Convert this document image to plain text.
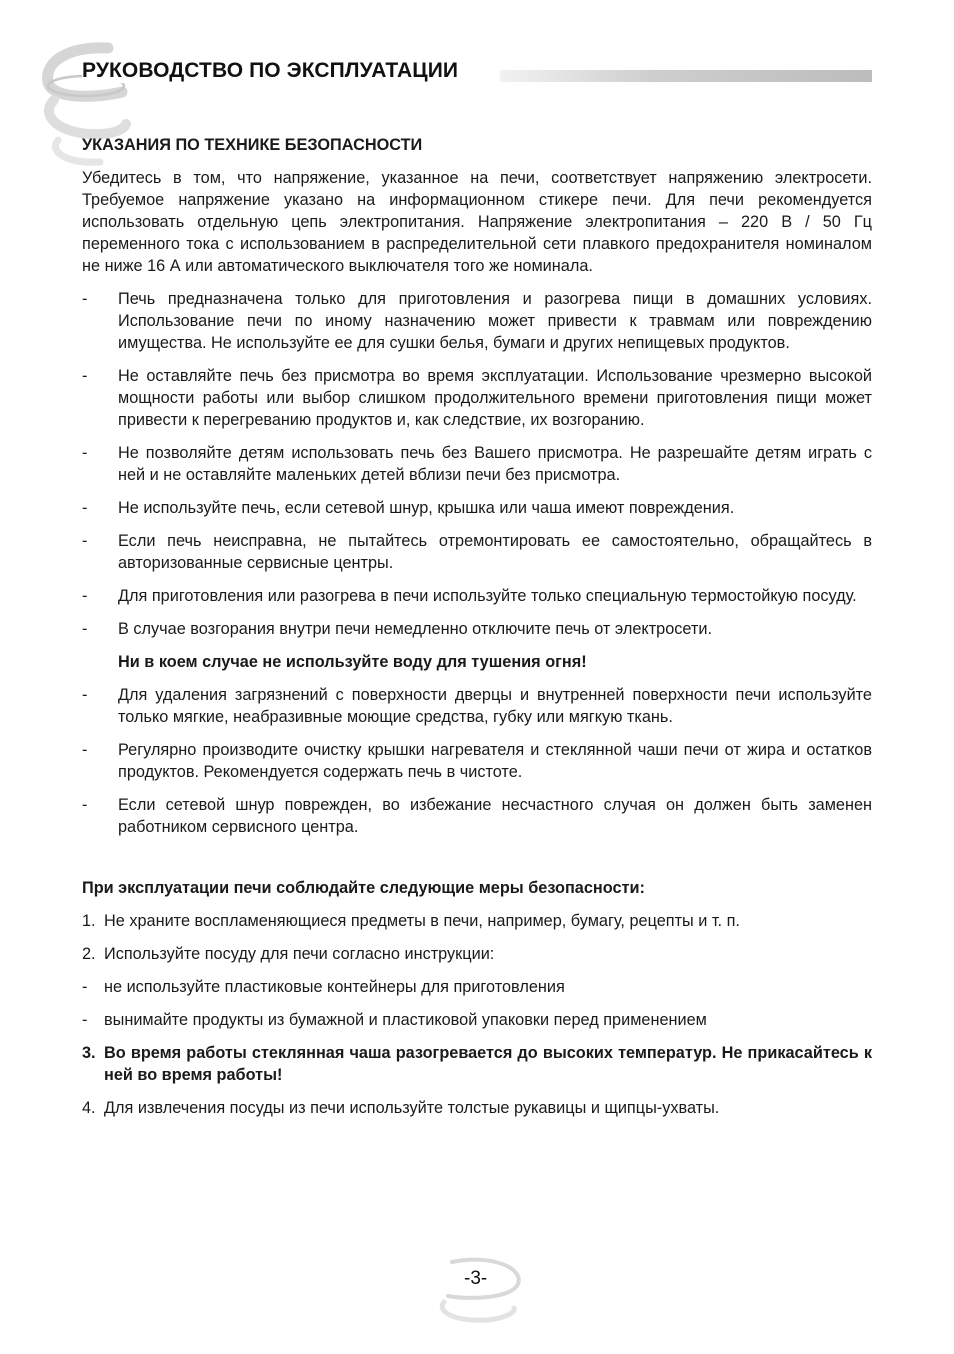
РУКОВОДСТВО ПО ЭКСПЛУАТАЦИИ
УКАЗАНИЯ ПО ТЕХНИКЕ БЕЗОПАСНОСТИ

Убедитесь в том, что напряжение, указанное на печи, соответствует напряжению электросети. Требуемое напряжение указано на информационном стикере печи. Для печи рекомендуется использовать отдельную цепь электропитания. Напряжение электропитания – 220 В / 50 Гц переменного тока с использованием в распределительной сети плавкого предохранителя номиналом не ниже 16 А или автоматического выключателя того же номинала.

- Печь предназначена только для приготовления и разогрева пищи в домашних условиях. Использование печи по иному назначению может привести к травмам или повреждению имущества. Не используйте ее для сушки белья, бумаги и других непищевых продуктов.
- Не оставляйте печь без присмотра во время эксплуатации. Использование чрезмерно высокой мощности работы или выбор слишком продолжительного времени приготовления пищи может привести к перегреванию продуктов и, как следствие, их возгоранию.
- Не позволяйте детям использовать печь без Вашего присмотра. Не разрешайте детям играть с ней и не оставляйте маленьких детей вблизи печи без присмотра.
- Не используйте печь, если сетевой шнур, крышка или чаша имеют повреждения.
- Если печь неисправна, не пытайтесь отремонтировать ее самостоятельно, обращайтесь в авторизованные сервисные центры.
- Для приготовления или разогрева в печи используйте только специальную термостойкую посуду.
- В случае возгорания внутри печи немедленно отключите печь от электросети.
Ни в коем случае не используйте воду для тушения огня!
- Для удаления загрязнений с поверхности дверцы и внутренней поверхности печи используйте только мягкие, неабразивные моющие средства, губку или мягкую ткань.
- Регулярно производите очистку крышки нагревателя и стеклянной чаши печи от жира и остатков продуктов. Рекомендуется содержать печь в чистоте.
- Если сетевой шнур поврежден, во избежание несчастного случая он должен быть заменен работником сервисного центра.
При эксплуатации печи соблюдайте следующие меры безопасности:
1. Не храните воспламеняющиеся предметы в печи, например, бумагу, рецепты и т. п.
2. Используйте посуду для печи согласно инструкции:
- не используйте пластиковые контейнеры для приготовления
- вынимайте продукты из бумажной и пластиковой упаковки перед применением
3. Во время работы стеклянная чаша разогревается до высоких температур. Не прикасайтесь к ней во время работы!
4. Для извлечения посуды из печи используйте толстые рукавицы и щипцы-ухваты.
-3-
